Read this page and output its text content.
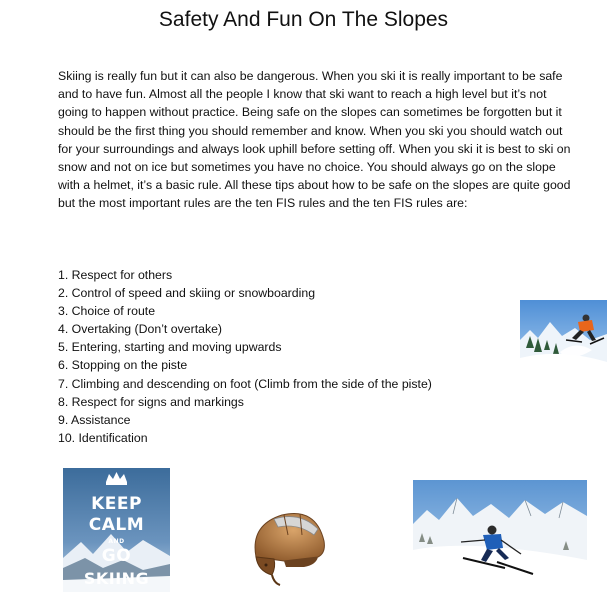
Safety And Fun On The Slopes

Skiing is really fun but it can also be dangerous. When you ski it is really important to be safe and to have fun. Almost all the people I know that ski want to reach a high level but it’s not going to happen without practice. Being safe on the slopes can sometimes be forgotten but it should be the first thing you should remember and know. When you ski you should watch out for your surroundings and always look uphill before setting off. When you ski it is best to ski on snow and not on ice but sometimes you have no choice. You should always go on the slope with a helmet, it’s a basic rule. All these tips about how to be safe on the slopes are quite good but the most important rules are the ten FIS rules and the ten FIS rules are:

1. Respect for others
2. Control of speed and skiing or snowboarding
3. Choice of route
4. Overtaking (Don’t overtake)
5. Entering, starting and moving upwards
6. Stopping on the piste
7. Climbing and descending on foot (Climb from the side of the piste)
8. Respect for signs and markings
9. Assistance
10. Identification
KEEP
CALM
AND
GO
SKIING
